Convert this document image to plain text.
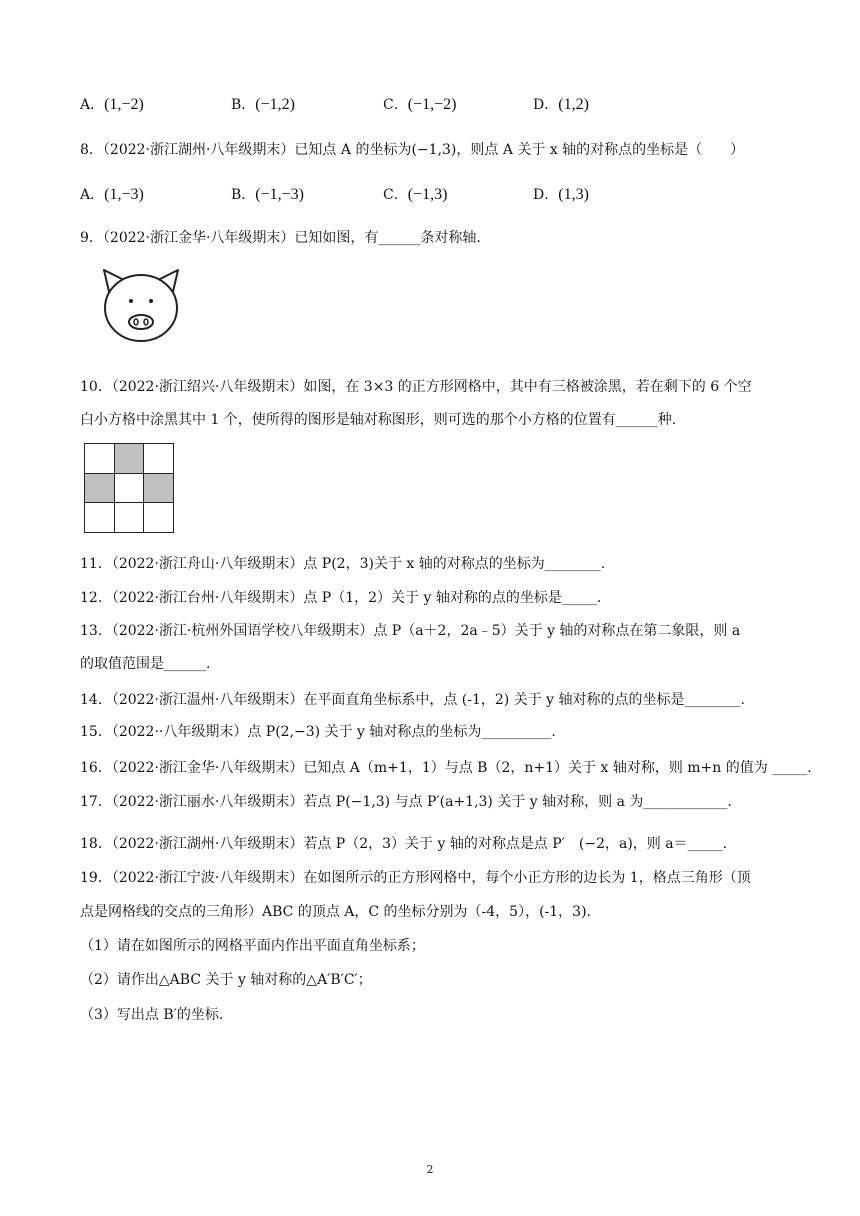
A．(1,−2)	B．(−1,2)	C．(−1,−2)	D．(1,2)
8．（2022·浙江湖州·八年级期末）已知点 A 的坐标为(−1,3)，则点 A 关于 x 轴的对称点的坐标是（　　）
A．(1,−3)	B．(−1,−3)	C．(−1,3)	D．(1,3)
9．（2022·浙江金华·八年级期末）已知如图，有______条对称轴.
10．（2022·浙江绍兴·八年级期末）如图，在 3×3 的正方形网格中，其中有三格被涂黑，若在剩下的 6 个空
白小方格中涂黑其中 1 个，使所得的图形是轴对称图形，则可选的那个小方格的位置有______种.
11．（2022·浙江舟山·八年级期末）点 P(2，3)关于 x 轴的对称点的坐标为________.
12．（2022·浙江台州·八年级期末）点 P（1，2）关于 y 轴对称的点的坐标是_____.
13．（2022·浙江·杭州外国语学校八年级期末）点 P（a＋2，2a﹣5）关于 y 轴的对称点在第二象限，则 a
的取值范围是______.
14．（2022·浙江温州·八年级期末）在平面直角坐标系中，点 (-1，2) 关于 y 轴对称的点的坐标是________.
15．（2022··八年级期末）点 P(2,−3) 关于 y 轴对称点的坐标为__________.
16．（2022·浙江金华·八年级期末）已知点 A（m+1，1）与点 B（2，n+1）关于 x 轴对称，则 m+n 的值为 _____.
17．（2022·浙江丽水·八年级期末）若点 P(−1,3) 与点 P′(a+1,3) 关于 y 轴对称，则 a 为____________.
18．（2022·浙江湖州·八年级期末）若点 P（2，3）关于 y 轴的对称点是点 P′　(−2，a)，则 a＝_____.
19．（2022·浙江宁波·八年级期末）在如图所示的正方形网格中，每个小正方形的边长为 1，格点三角形（顶
点是网格线的交点的三角形）ABC 的顶点 A，C 的坐标分别为（-4，5），(-1，3).
（1）请在如图所示的网格平面内作出平面直角坐标系；
（2）请作出△ABC 关于 y 轴对称的△A′B′C′；
（3）写出点 B′的坐标.
2
